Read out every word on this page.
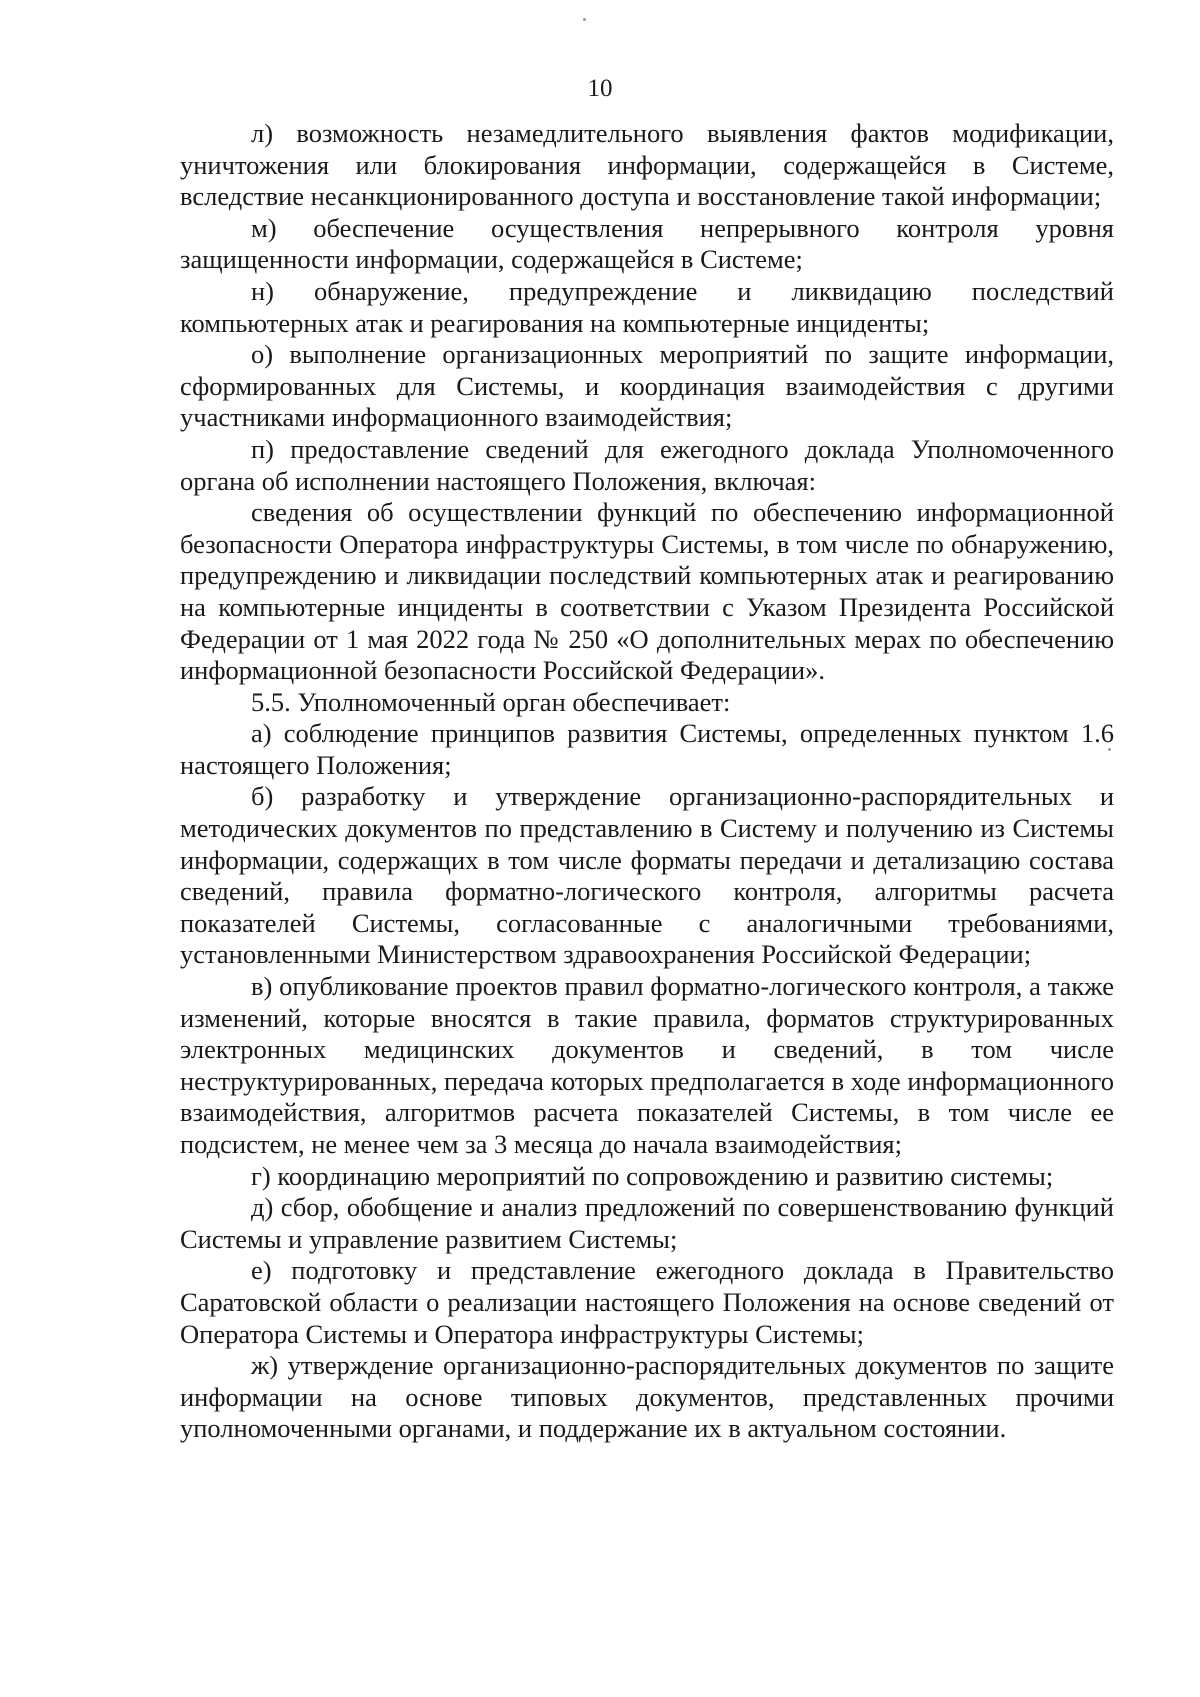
10

л) возможность незамедлительного выявления фактов модификации, уничтожения или блокирования информации, содержащейся в Системе, вследствие несанкционированного доступа и восстановление такой информации;

м) обеспечение осуществления непрерывного контроля уровня защищенности информации, содержащейся в Системе;

н) обнаружение, предупреждение и ликвидацию последствий компьютерных атак и реагирования на компьютерные инциденты;

о) выполнение организационных мероприятий по защите информации, сформированных для Системы, и координация взаимодействия с другими участниками информационного взаимодействия;

п) предоставление сведений для ежегодного доклада Уполномоченного органа об исполнении настоящего Положения, включая:

сведения об осуществлении функций по обеспечению информационной безопасности Оператора инфраструктуры Системы, в том числе по обнаружению, предупреждению и ликвидации последствий компьютерных атак и реагированию на компьютерные инциденты в соответствии с Указом Президента Российской Федерации от 1 мая 2022 года № 250 «О дополнительных мерах по обеспечению информационной безопасности Российской Федерации».

5.5. Уполномоченный орган обеспечивает:

а) соблюдение принципов развития Системы, определенных пунктом 1.6 настоящего Положения;

б) разработку и утверждение организационно-распорядительных и методических документов по представлению в Систему и получению из Системы информации, содержащих в том числе форматы передачи и детализацию состава сведений, правила форматно-логического контроля, алгоритмы расчета показателей Системы, согласованные с аналогичными требованиями, установленными Министерством здравоохранения Российской Федерации;

в) опубликование проектов правил форматно-логического контроля, а также изменений, которые вносятся в такие правила, форматов структурированных электронных медицинских документов и сведений, в том числе неструктурированных, передача которых предполагается в ходе информационного взаимодействия, алгоритмов расчета показателей Системы, в том числе ее подсистем, не менее чем за 3 месяца до начала взаимодействия;

г) координацию мероприятий по сопровождению и развитию системы;

д) сбор, обобщение и анализ предложений по совершенствованию функций Системы и управление развитием Системы;

е) подготовку и представление ежегодного доклада в Правительство Саратовской области о реализации настоящего Положения на основе сведений от Оператора Системы и Оператора инфраструктуры Системы;

ж) утверждение организационно-распорядительных документов по защите информации на основе типовых документов, представленных прочими уполномоченными органами, и поддержание их в актуальном состоянии.
